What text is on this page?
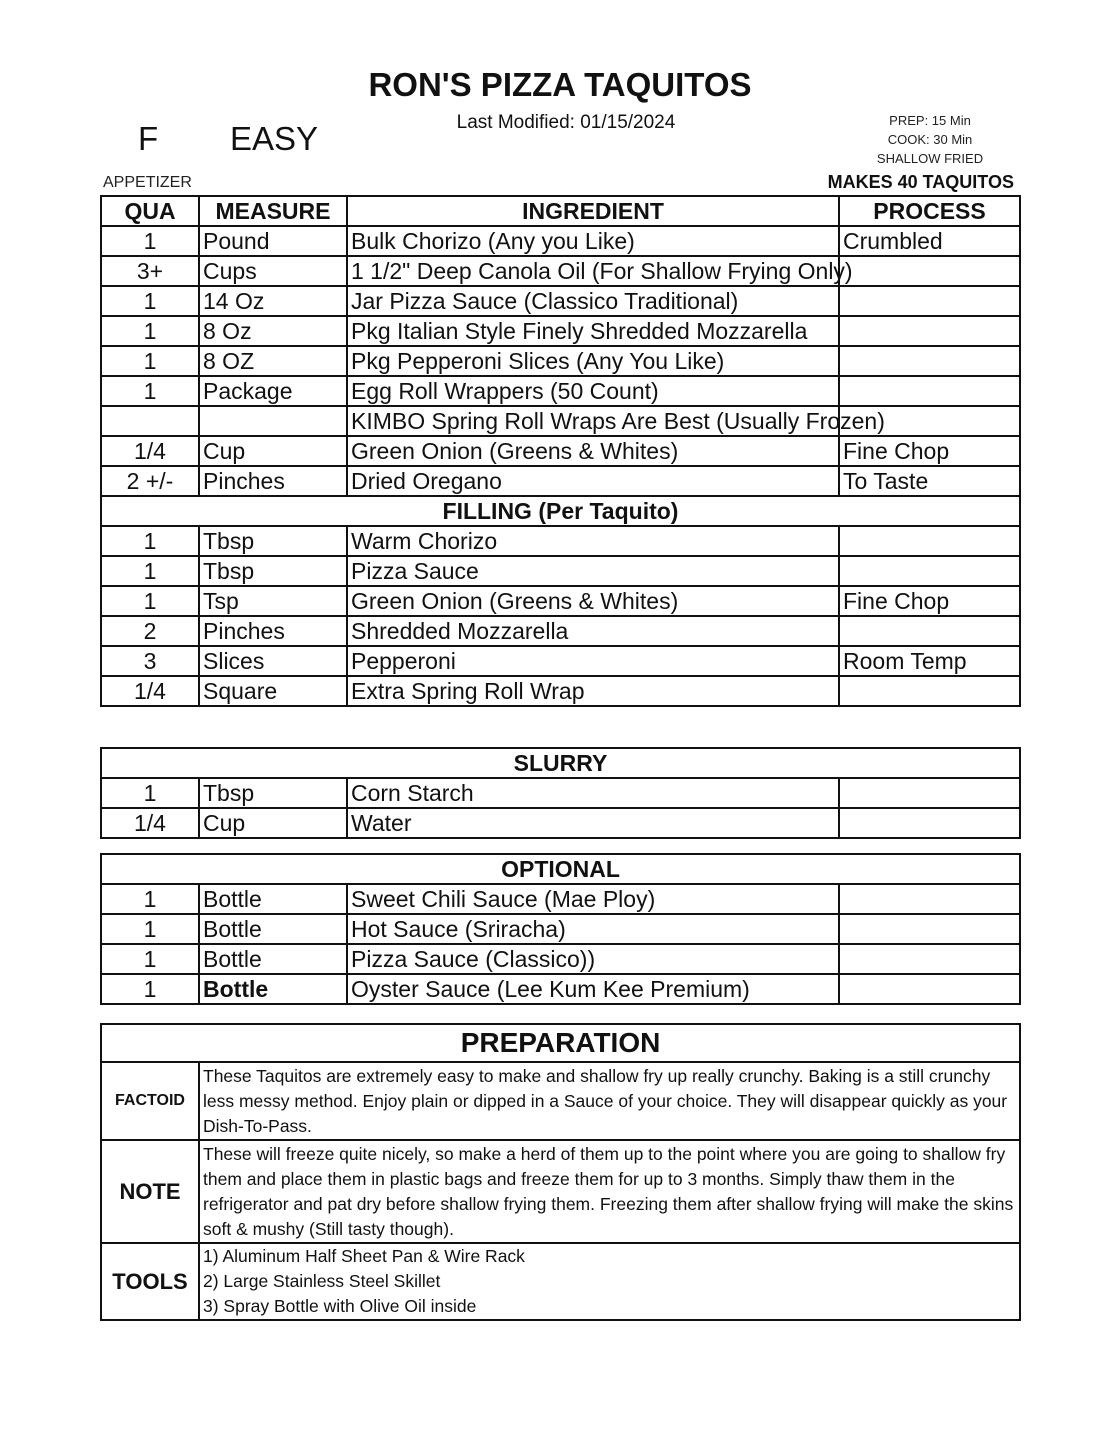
RON'S PIZZA TAQUITOS
Last Modified: 01/15/2024
F EASY	PREP: 15 Min
COOK: 30 Min
SHALLOW FRIED
APPETIZER	MAKES 40 TAQUITOS
QUA	MEASURE	INGREDIENT	PROCESS
1	Pound	Bulk Chorizo (Any you Like)	Crumbled
3+	Cups	1 1/2" Deep Canola Oil (For Shallow Frying Only)	
1	14 Oz	Jar Pizza Sauce (Classico Traditional)	
1	8 Oz	Pkg Italian Style Finely Shredded Mozzarella	
1	8 OZ	Pkg Pepperoni Slices (Any You Like)	
1	Package	Egg Roll Wrappers (50 Count)	
		KIMBO Spring Roll Wraps Are Best (Usually Frozen)	
1/4	Cup	Green Onion (Greens & Whites)	Fine Chop
2 +/-	Pinches	Dried Oregano	To Taste
FILLING (Per Taquito)			
1	Tbsp	Warm Chorizo	
1	Tbsp	Pizza Sauce	
1	Tsp	Green Onion (Greens & Whites)	Fine Chop
2	Pinches	Shredded Mozzarella	
3	Slices	Pepperoni	Room Temp
1/4	Square	Extra Spring Roll Wrap	
SLURRY			
1	Tbsp	Corn Starch	
1/4	Cup	Water	
OPTIONAL			
1	Bottle	Sweet Chili Sauce (Mae Ploy)	
1	Bottle	Hot Sauce (Sriracha)	
1	Bottle	Pizza Sauce (Classico))	
1	Bottle	Oyster Sauce (Lee Kum Kee Premium)	
PREPARATION	
FACTOID	These Taquitos are extremely easy to make and shallow fry up really crunchy. Baking is a still crunchy less messy method. Enjoy plain or dipped in a Sauce of your choice. They will disappear quickly as your Dish-To-Pass.
NOTE	These will freeze quite nicely, so make a herd of them up to the point where you are going to shallow fry them and place them in plastic bags and freeze them for up to 3 months. Simply thaw them in the refrigerator and pat dry before shallow frying them. Freezing them after shallow frying will make the skins soft & mushy (Still tasty though).
TOOLS	1) Aluminum Half Sheet Pan & Wire Rack
2) Large Stainless Steel Skillet
3) Spray Bottle with Olive Oil inside
